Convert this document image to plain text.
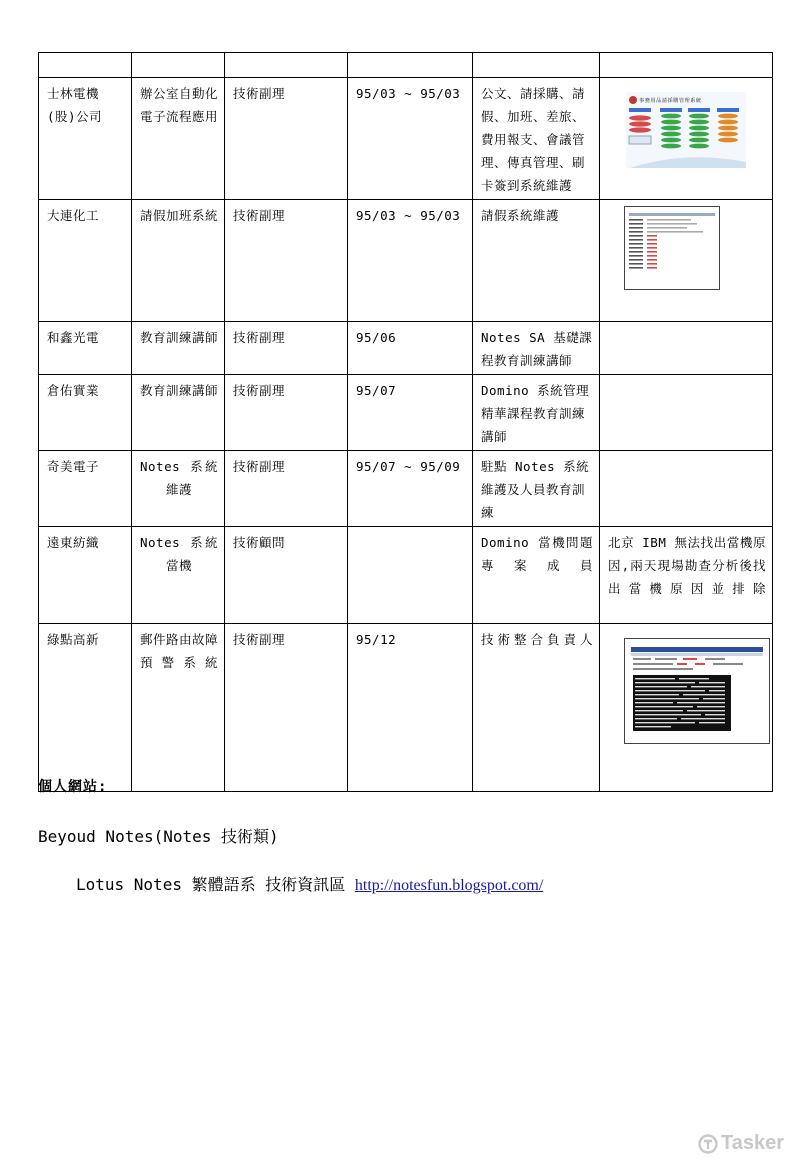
士林電機(股)公司	辦公室自動化電子流程應用	技術副理	95/03 ~ 95/03	公文、請採購、請假、加班、差旅、費用報支、會議管理、傳真管理、刷卡簽到系統維護	事務用品請採購管理系統

大連化工	請假加班系統	技術副理	95/03 ~ 95/03	請假系統維護	

和鑫光電	教育訓練講師	技術副理	95/06	Notes SA 基礎課程教育訓練講師	
倉佑實業	教育訓練講師	技術副理	95/07	Domino 系統管理精華課程教育訓練講師	
奇美電子	Notes 系統維護	技術副理	95/07 ~ 95/09	駐點 Notes 系統維護及人員教育訓練	
遠東紡織	Notes 系統當機	技術顧問		Domino 當機問題專案成員	北京 IBM 無法找出當機原因,兩天現場勘查分析後找出當機原因並排除
綠點高新	郵件路由故障預警系統	技術副理	95/12	技術整合負責人	
個人網站:
Beyoud Notes(Notes 技術類)
Lotus Notes 繁體語系 技術資訊區 http://notesfun.blogspot.com/
Tasker
